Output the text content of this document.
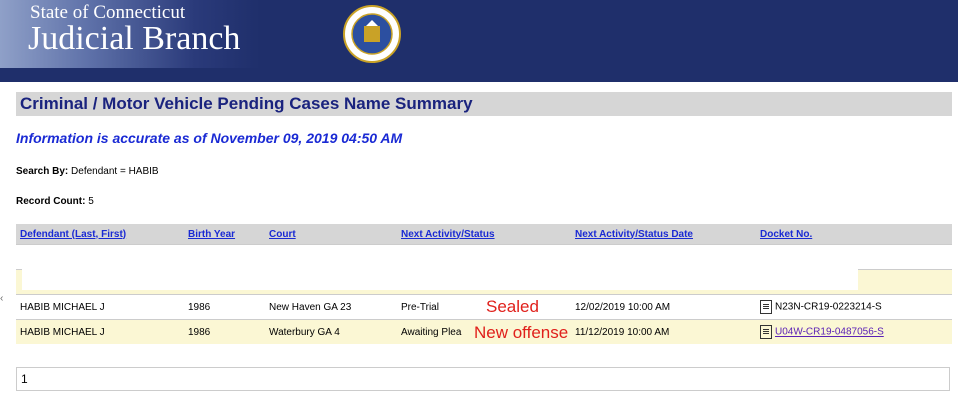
State of Connecticut
Judicial Branch
Criminal / Motor Vehicle Pending Cases Name Summary
Information is accurate as of November 09, 2019 04:50 AM
Search By: Defendant = HABIB
Record Count: 5
‹
Defendant (Last, First)	Birth Year	Court	Next Activity/Status	Next Activity/Status Date	Docket No.

HABIB MICHAEL J	1986	New Haven GA 23	Pre-Trial	12/02/2019 10:00 AM	N23N-CR19-0223214-S
HABIB MICHAEL J	1986	Waterbury GA 4	Awaiting Plea	11/12/2019 10:00 AM	U04W-CR19-0487056-S
Sealed
New offense
1
